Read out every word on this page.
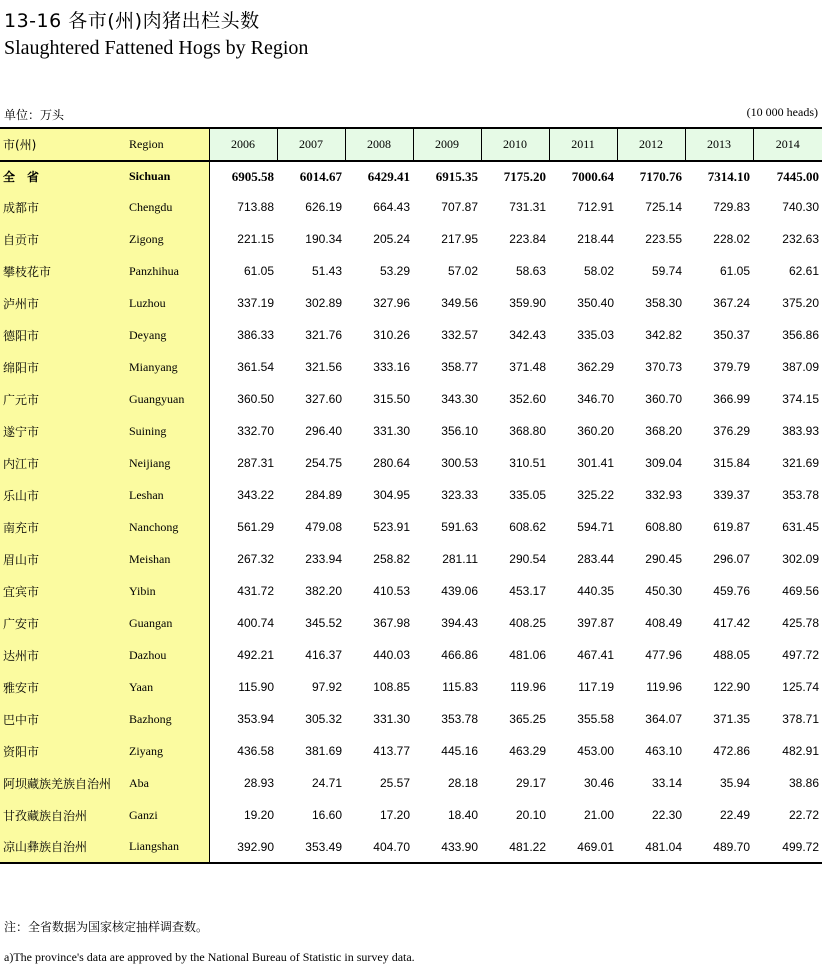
13-16 各市(州)肉猪出栏头数
Slaughtered Fattened Hogs by Region
单位：万头	(10 000 heads)
市(州)	Region	2006	2007	2008	2009	2010	2011	2012	2013	2014
全　省	Sichuan	6905.58	6014.67	6429.41	6915.35	7175.20	7000.64	7170.76	7314.10	7445.00
成都市	Chengdu	713.88	626.19	664.43	707.87	731.31	712.91	725.14	729.83	740.30
自贡市	Zigong	221.15	190.34	205.24	217.95	223.84	218.44	223.55	228.02	232.63
攀枝花市	Panzhihua	61.05	51.43	53.29	57.02	58.63	58.02	59.74	61.05	62.61
泸州市	Luzhou	337.19	302.89	327.96	349.56	359.90	350.40	358.30	367.24	375.20
德阳市	Deyang	386.33	321.76	310.26	332.57	342.43	335.03	342.82	350.37	356.86
绵阳市	Mianyang	361.54	321.56	333.16	358.77	371.48	362.29	370.73	379.79	387.09
广元市	Guangyuan	360.50	327.60	315.50	343.30	352.60	346.70	360.70	366.99	374.15
遂宁市	Suining	332.70	296.40	331.30	356.10	368.80	360.20	368.20	376.29	383.93
内江市	Neijiang	287.31	254.75	280.64	300.53	310.51	301.41	309.04	315.84	321.69
乐山市	Leshan	343.22	284.89	304.95	323.33	335.05	325.22	332.93	339.37	353.78
南充市	Nanchong	561.29	479.08	523.91	591.63	608.62	594.71	608.80	619.87	631.45
眉山市	Meishan	267.32	233.94	258.82	281.11	290.54	283.44	290.45	296.07	302.09
宜宾市	Yibin	431.72	382.20	410.53	439.06	453.17	440.35	450.30	459.76	469.56
广安市	Guangan	400.74	345.52	367.98	394.43	408.25	397.87	408.49	417.42	425.78
达州市	Dazhou	492.21	416.37	440.03	466.86	481.06	467.41	477.96	488.05	497.72
雅安市	Yaan	115.90	97.92	108.85	115.83	119.96	117.19	119.96	122.90	125.74
巴中市	Bazhong	353.94	305.32	331.30	353.78	365.25	355.58	364.07	371.35	378.71
资阳市	Ziyang	436.58	381.69	413.77	445.16	463.29	453.00	463.10	472.86	482.91
阿坝藏族羌族自治州	Aba	28.93	24.71	25.57	28.18	29.17	30.46	33.14	35.94	38.86
甘孜藏族自治州	Ganzi	19.20	16.60	17.20	18.40	20.10	21.00	22.30	22.49	22.72
凉山彝族自治州	Liangshan	392.90	353.49	404.70	433.90	481.22	469.01	481.04	489.70	499.72
注：全省数据为国家核定抽样调查数。
a)The province's data are approved by the National Bureau of Statistic in survey data.
